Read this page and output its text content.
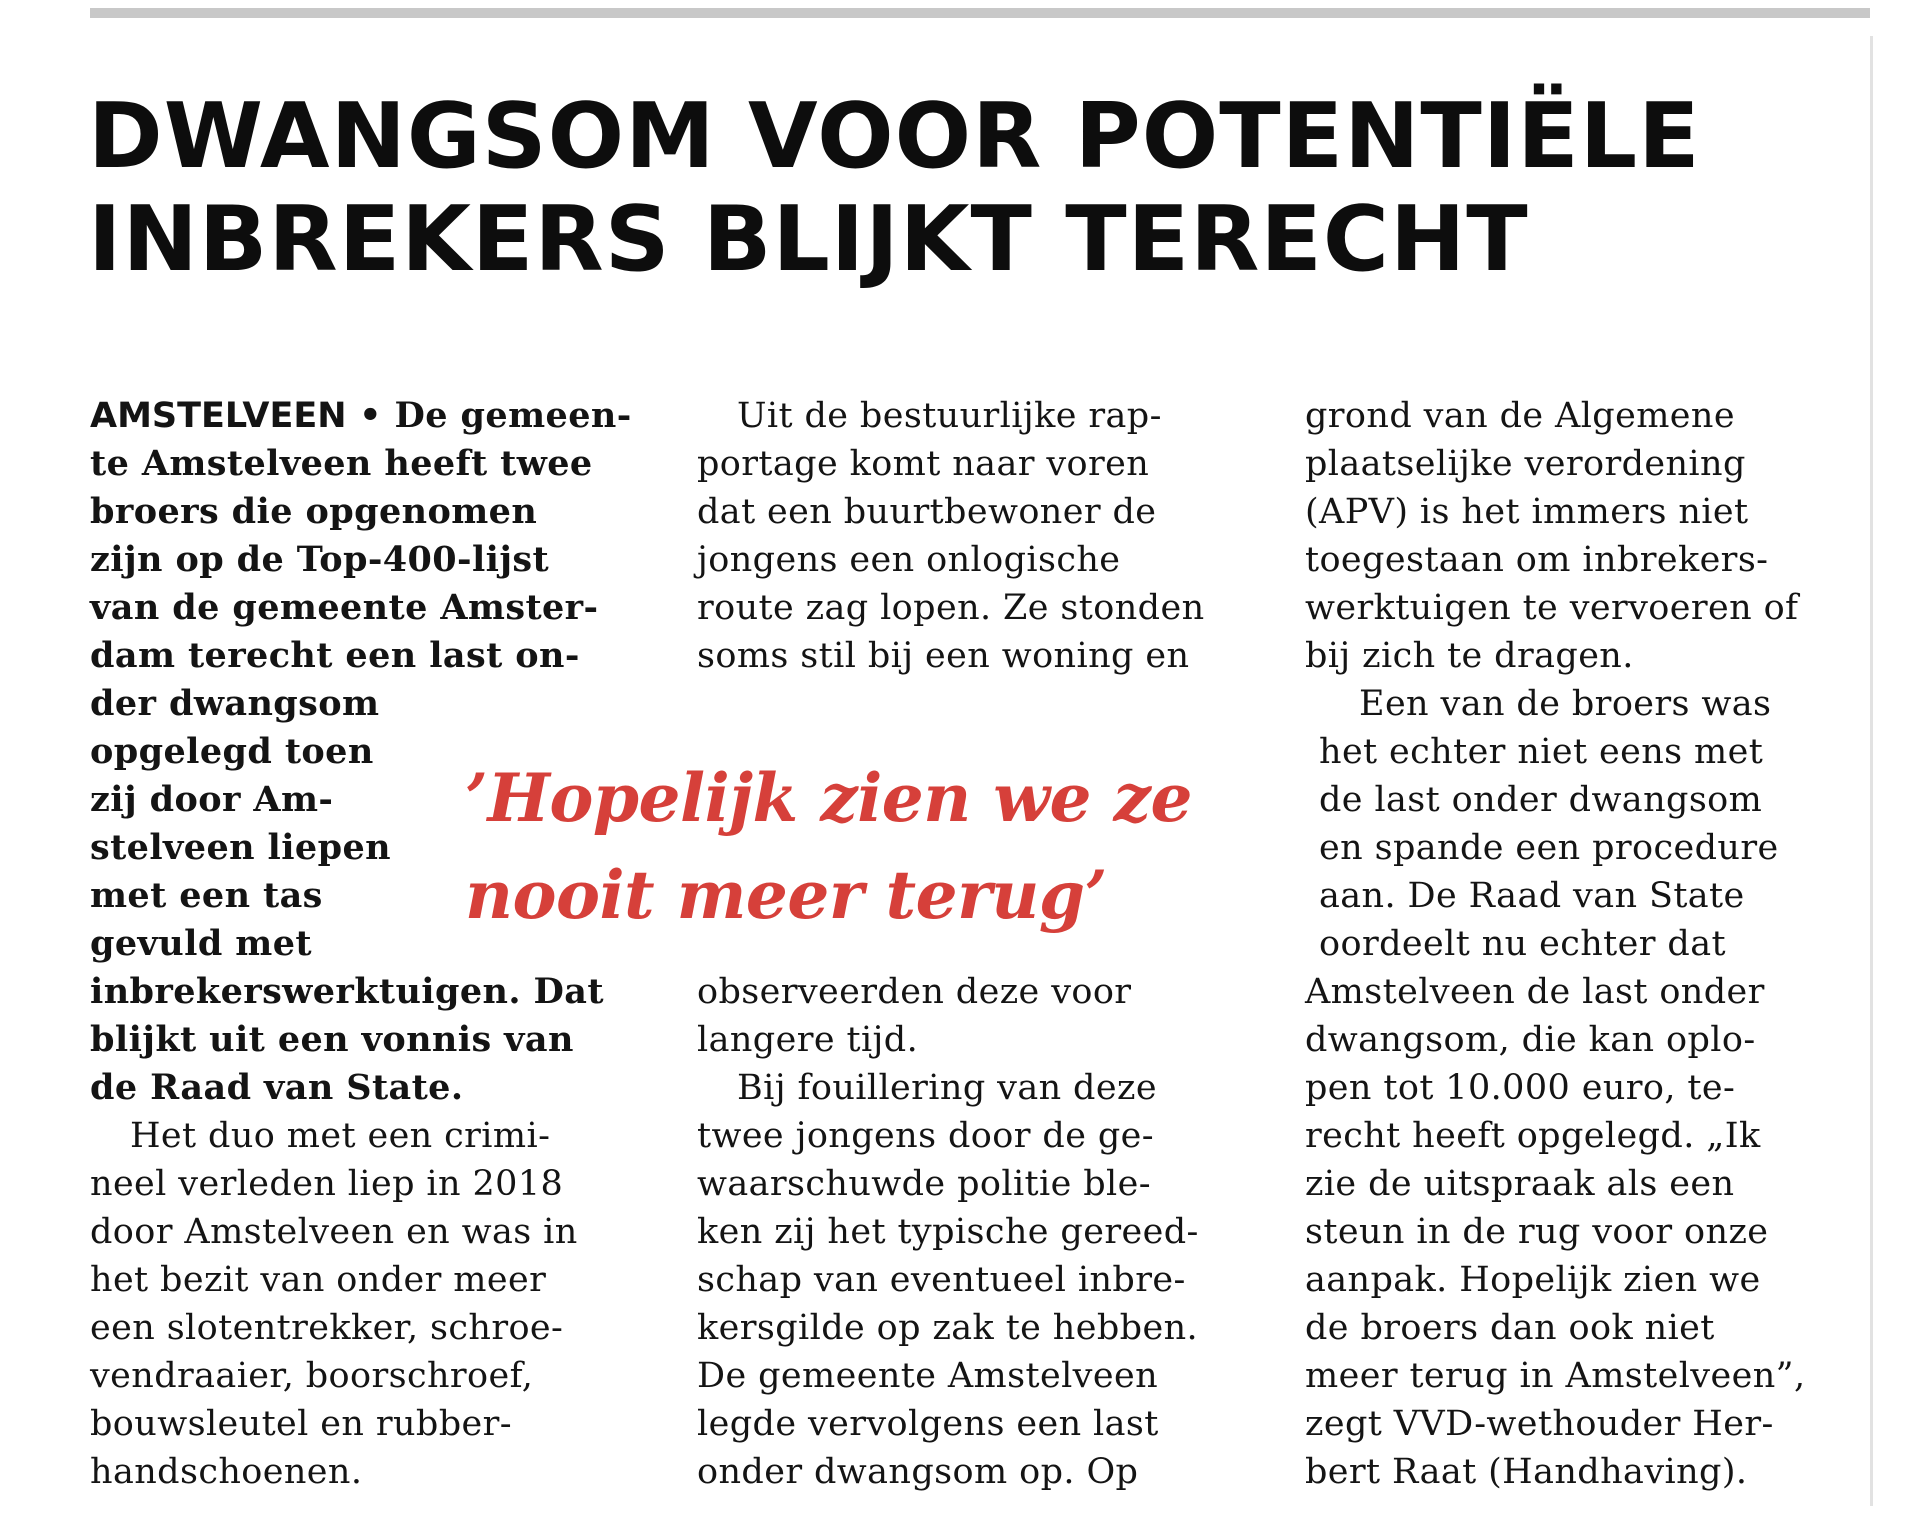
DWANGSOM VOOR POTENTIËLE
INBREKERS BLIJKT TERECHT
AMSTELVEEN • De gemeen-
te Amstelveen heeft twee
broers die opgenomen
zijn op de Top-400-lijst
van de gemeente Amster-
dam terecht een last on-
der dwangsom
opgelegd toen
zij door Am-
stelveen liepen
met een tas
gevuld met
inbrekerswerktuigen. Dat
blijkt uit een vonnis van
de Raad van State.
Het duo met een crimi-
neel verleden liep in 2018
door Amstelveen en was in
het bezit van onder meer
een slotentrekker, schroe-
vendraaier, boorschroef,
bouwsleutel en rubber-
handschoenen.
Uit de bestuurlijke rap-
portage komt naar voren
dat een buurtbewoner de
jongens een onlogische
route zag lopen. Ze stonden
soms stil bij een woning en
observeerden deze voor
langere tijd.
Bij fouillering van deze
twee jongens door de ge-
waarschuwde politie ble-
ken zij het typische gereed-
schap van eventueel inbre-
kersgilde op zak te hebben.
De gemeente Amstelveen
legde vervolgens een last
onder dwangsom op. Op
grond van de Algemene
plaatselijke verordening
(APV) is het immers niet
toegestaan om inbrekers-
werktuigen te vervoeren of
bij zich te dragen.
Een van de broers was
het echter niet eens met
de last onder dwangsom
en spande een procedure
aan. De Raad van State
oordeelt nu echter dat
Amstelveen de last onder
dwangsom, die kan oplo-
pen tot 10.000 euro, te-
recht heeft opgelegd. „Ik
zie de uitspraak als een
steun in de rug voor onze
aanpak. Hopelijk zien we
de broers dan ook niet
meer terug in Amstelveen”,
zegt VVD-wethouder Her-
bert Raat (Handhaving).

’Hopelijk zien we ze
nooit meer terug’
